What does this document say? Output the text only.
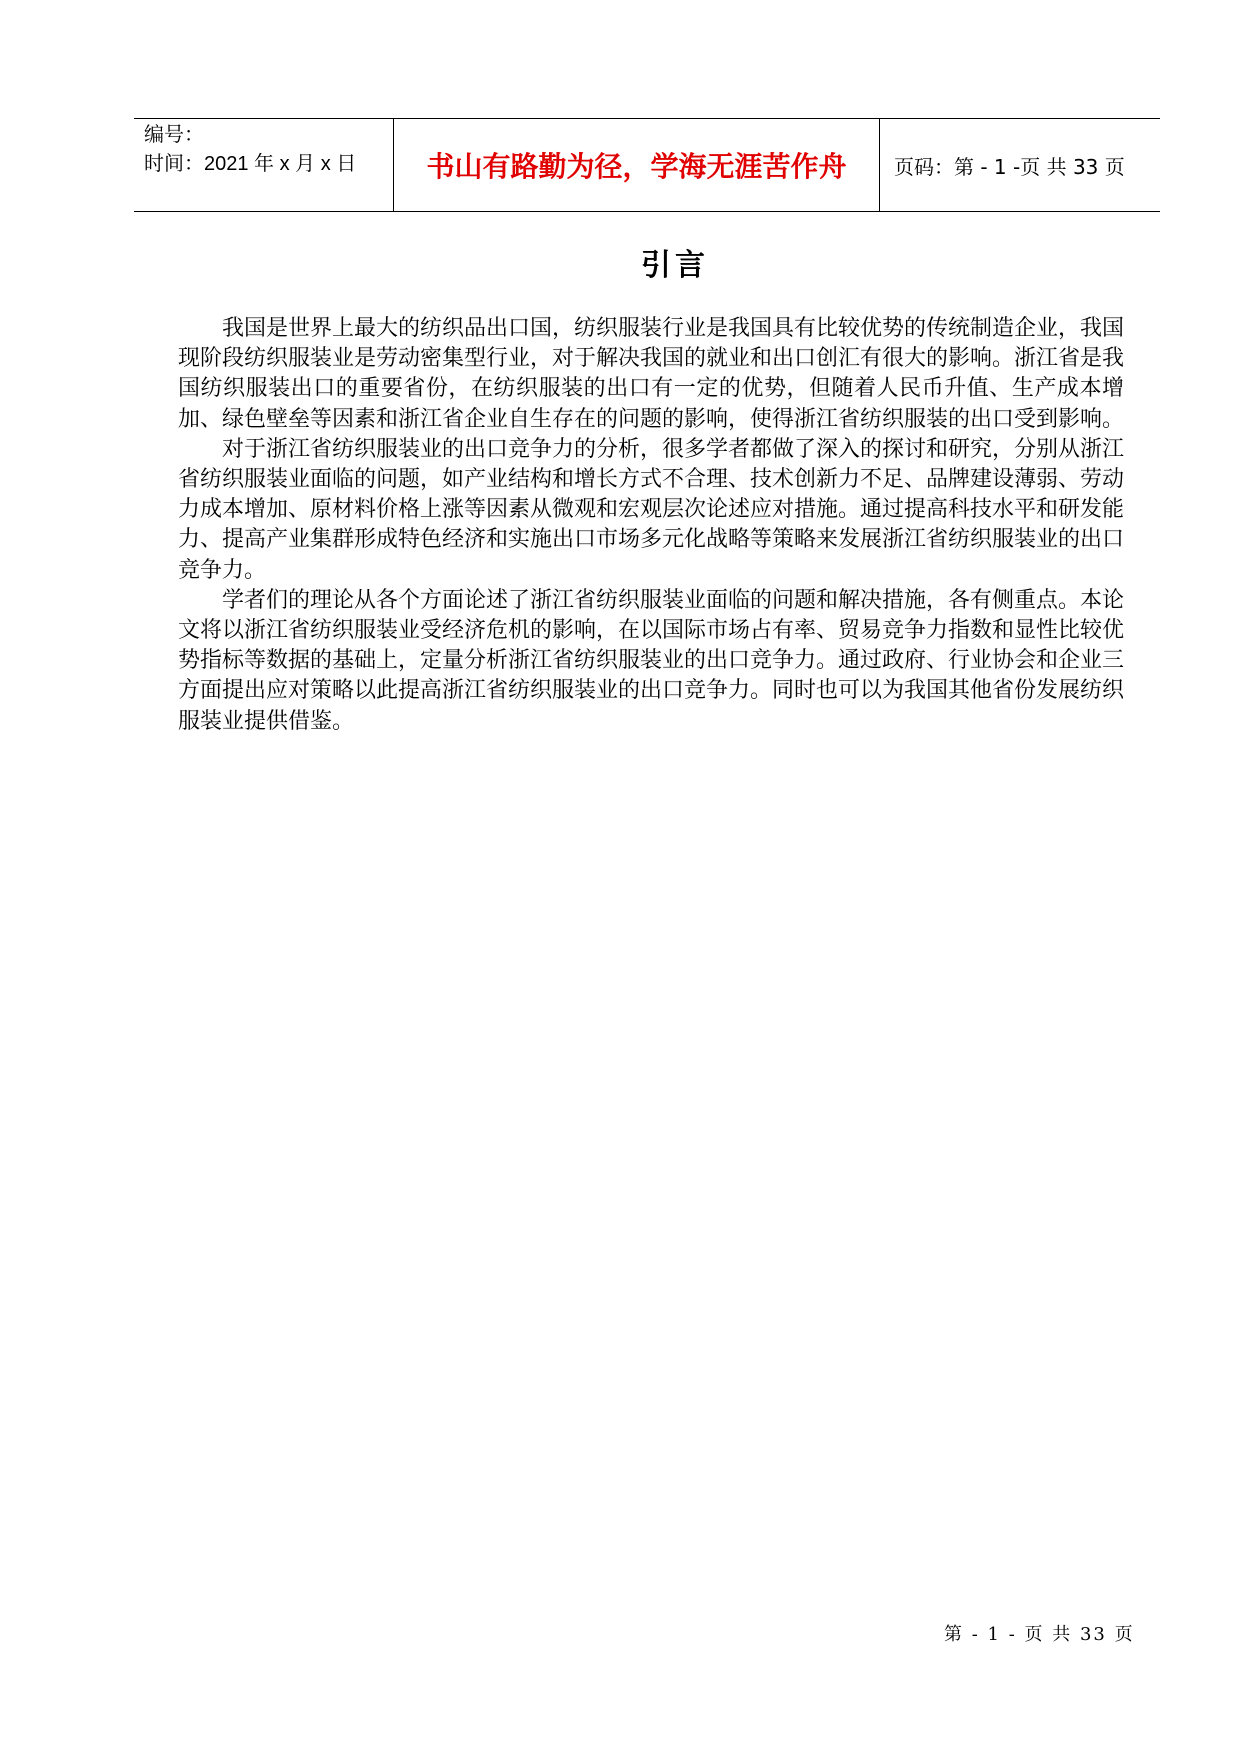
编号：
时间：2021 年 x 月 x 日	书山有路勤为径，学海无涯苦作舟	页码：第 - 1 -页 共 33 页
引言

我国是世界上最大的纺织品出口国，纺织服装行业是我国具有比较优势的传统制造企业，我国现阶段纺织服装业是劳动密集型行业，对于解决我国的就业和出口创汇有很大的影响。浙江省是我国纺织服装出口的重要省份，在纺织服装的出口有一定的优势，但随着人民币升值、生产成本增加、绿色壁垒等因素和浙江省企业自生存在的问题的影响，使得浙江省纺织服装的出口受到影响。

对于浙江省纺织服装业的出口竞争力的分析，很多学者都做了深入的探讨和研究，分别从浙江省纺织服装业面临的问题，如产业结构和增长方式不合理、技术创新力不足、品牌建设薄弱、劳动力成本增加、原材料价格上涨等因素从微观和宏观层次论述应对措施。通过提高科技水平和研发能力、提高产业集群形成特色经济和实施出口市场多元化战略等策略来发展浙江省纺织服装业的出口竞争力。

学者们的理论从各个方面论述了浙江省纺织服装业面临的问题和解决措施，各有侧重点。本论文将以浙江省纺织服装业受经济危机的影响，在以国际市场占有率、贸易竞争力指数和显性比较优势指标等数据的基础上，定量分析浙江省纺织服装业的出口竞争力。通过政府、行业协会和企业三方面提出应对策略以此提高浙江省纺织服装业的出口竞争力。同时也可以为我国其他省份发展纺织服装业提供借鉴。

第 - 1 - 页 共 33 页
